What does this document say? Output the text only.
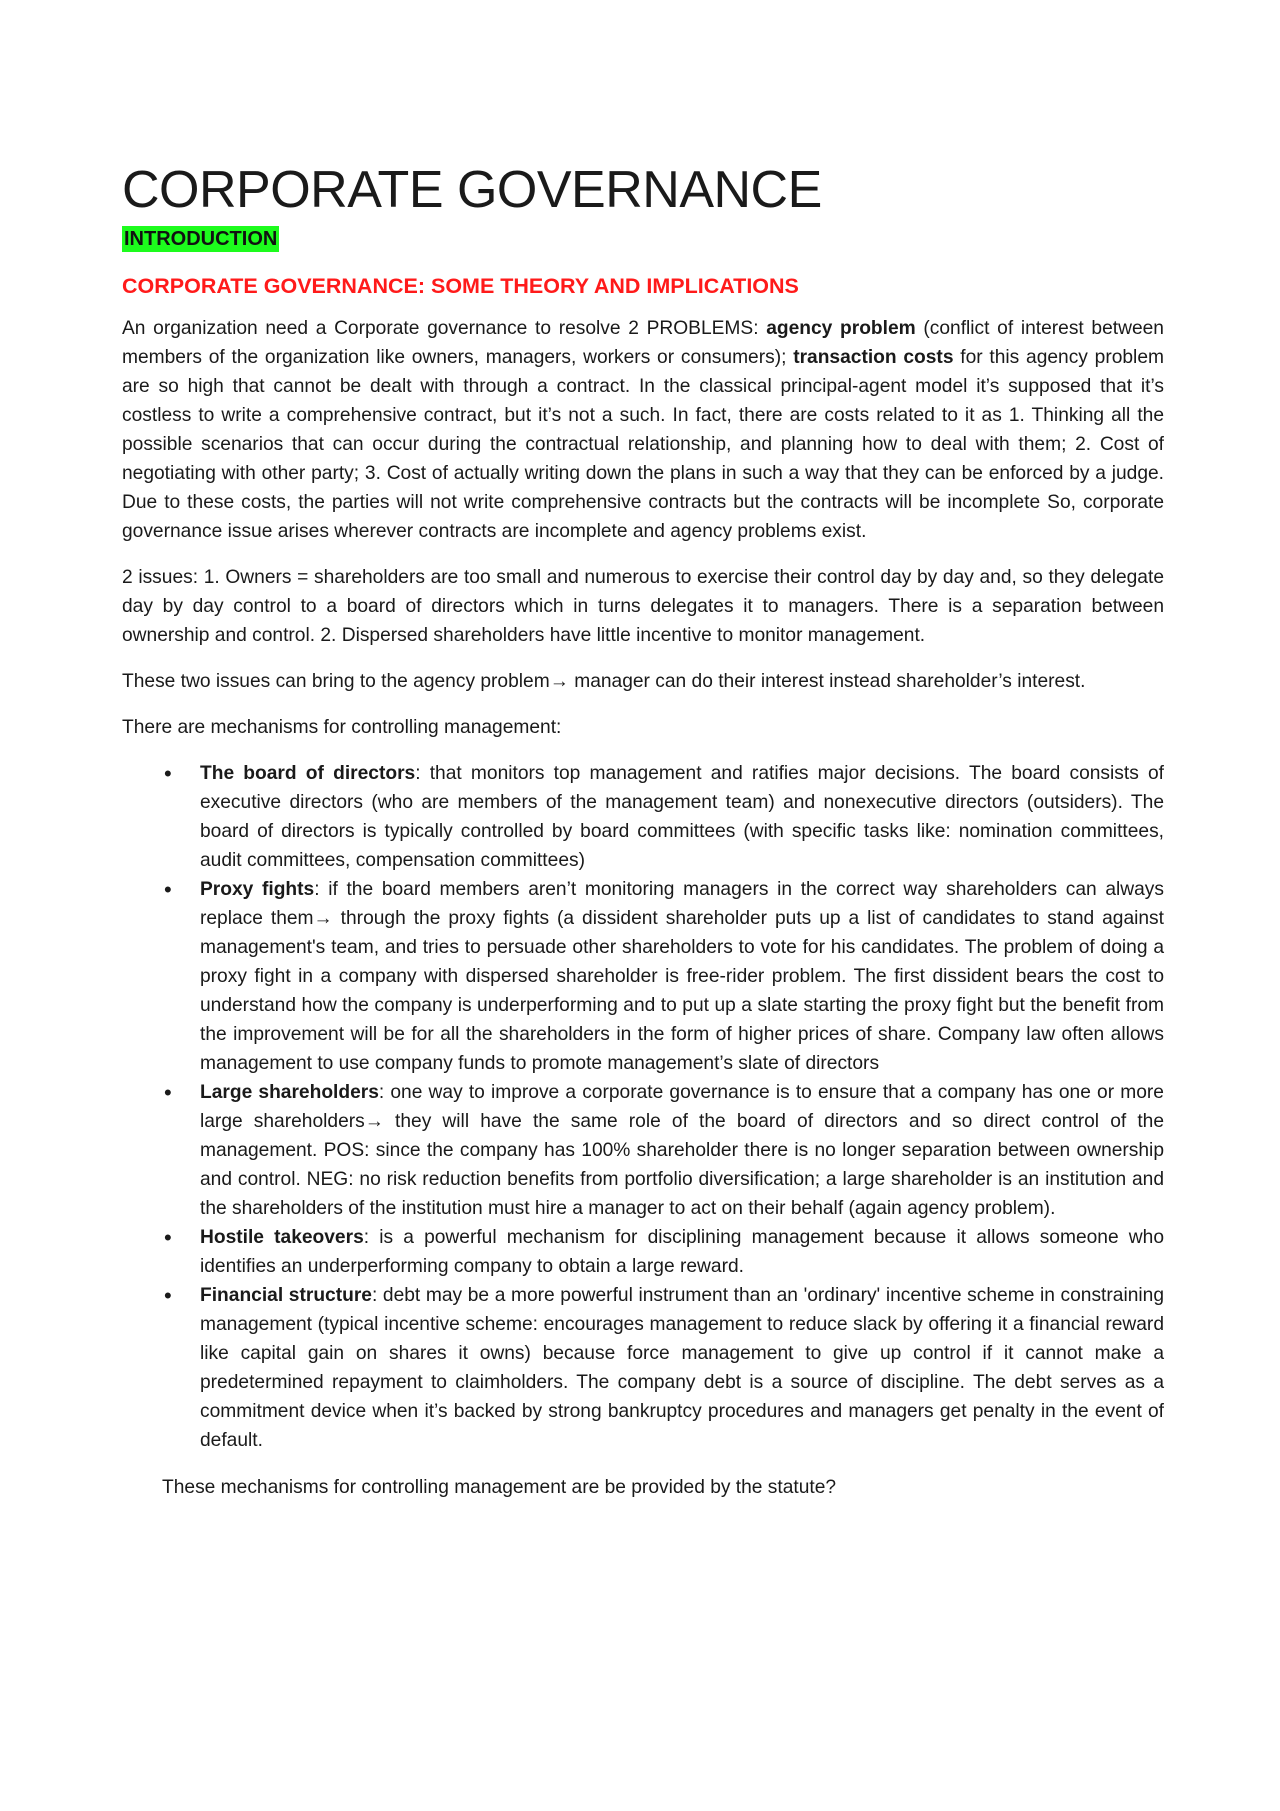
CORPORATE GOVERNANCE
INTRODUCTION
CORPORATE GOVERNANCE: SOME THEORY AND IMPLICATIONS

An organization need a Corporate governance to resolve 2 PROBLEMS: agency problem (conflict of interest between members of the organization like owners, managers, workers or consumers); transaction costs for this agency problem are so high that cannot be dealt with through a contract. In the classical principal-agent model it’s supposed that it’s costless to write a comprehensive contract, but it’s not a such. In fact, there are costs related to it as 1. Thinking all the possible scenarios that can occur during the contractual relationship, and planning how to deal with them; 2. Cost of negotiating with other party; 3. Cost of actually writing down the plans in such a way that they can be enforced by a judge. Due to these costs, the parties will not write comprehensive contracts but the contracts will be incomplete So, corporate governance issue arises wherever contracts are incomplete and agency problems exist.

2 issues: 1. Owners = shareholders are too small and numerous to exercise their control day by day and, so they delegate day by day control to a board of directors which in turns delegates it to managers. There is a separation between ownership and control. 2. Dispersed shareholders have little incentive to monitor management.

These two issues can bring to the agency problem→ manager can do their interest instead shareholder’s interest.

There are mechanisms for controlling management:

• The board of directors: that monitors top management and ratifies major decisions. The board consists of executive directors (who are members of the management team) and nonexecutive directors (outsiders). The board of directors is typically controlled by board committees (with specific tasks like: nomination committees, audit committees, compensation committees)
• Proxy fights: if the board members aren’t monitoring managers in the correct way shareholders can always replace them→ through the proxy fights (a dissident shareholder puts up a list of candidates to stand against management's team, and tries to persuade other shareholders to vote for his candidates. The problem of doing a proxy fight in a company with dispersed shareholder is free-rider problem. The first dissident bears the cost to understand how the company is underperforming and to put up a slate starting the proxy fight but the benefit from the improvement will be for all the shareholders in the form of higher prices of share. Company law often allows management to use company funds to promote management’s slate of directors
• Large shareholders: one way to improve a corporate governance is to ensure that a company has one or more large shareholders→ they will have the same role of the board of directors and so direct control of the management. POS: since the company has 100% shareholder there is no longer separation between ownership and control. NEG: no risk reduction benefits from portfolio diversification; a large shareholder is an institution and the shareholders of the institution must hire a manager to act on their behalf (again agency problem).
• Hostile takeovers: is a powerful mechanism for disciplining management because it allows someone who identifies an underperforming company to obtain a large reward.
• Financial structure: debt may be a more powerful instrument than an 'ordinary' incentive scheme in constraining management (typical incentive scheme: encourages management to reduce slack by offering it a financial reward like capital gain on shares it owns) because force management to give up control if it cannot make a predetermined repayment to claimholders. The company debt is a source of discipline. The debt serves as a commitment device when it’s backed by strong bankruptcy procedures and managers get penalty in the event of default.
These mechanisms for controlling management are be provided by the statute?
